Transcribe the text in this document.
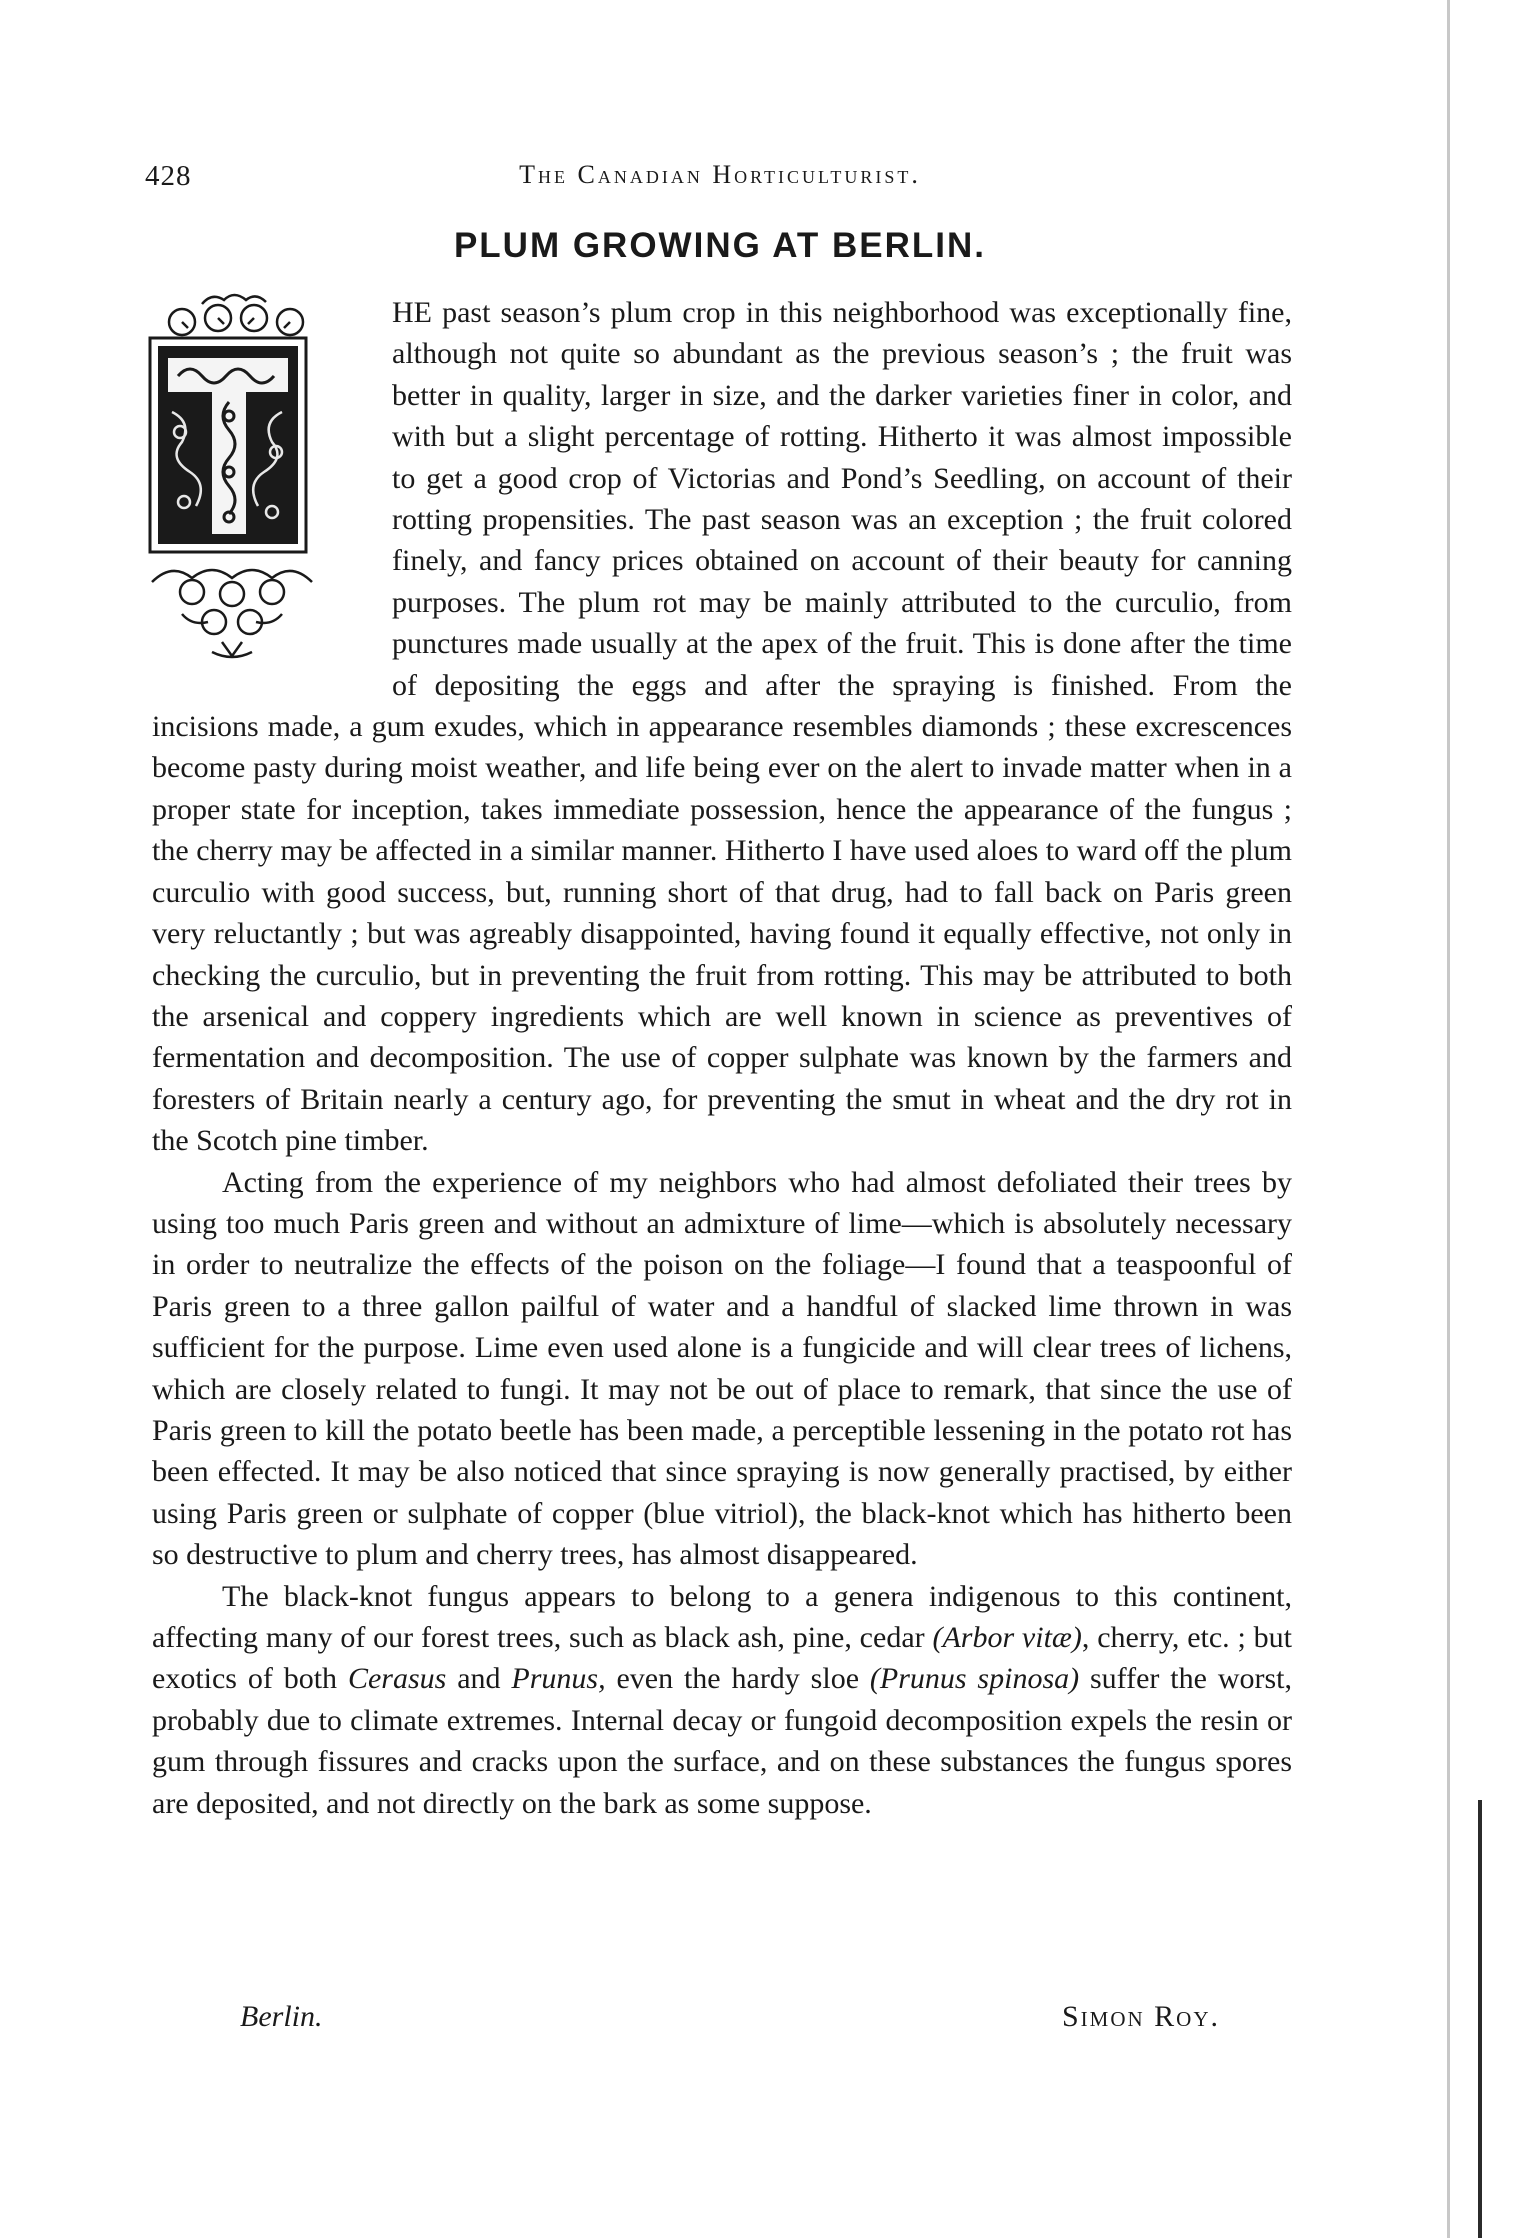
428	The Canadian Horticulturist.
PLUM GROWING AT BERLIN.

HE past season’s plum crop in this neighborhood was exceptionally fine, although not quite so abundant as the previous season’s ; the fruit was better in quality, larger in size, and the darker varieties finer in color, and with but a slight percentage of rotting. Hitherto it was almost impossible to get a good crop of Victorias and Pond’s Seedling, on account of their rotting propensities. The past season was an exception ; the fruit colored finely, and fancy prices obtained on account of their beauty for canning purposes. The plum rot may be mainly attributed to the curculio, from punctures made usually at the apex of the fruit. This is done after the time of depositing the eggs and after the spraying is finished. From the incisions made, a gum exudes, which in appearance resembles diamonds ; these excrescences become pasty during moist weather, and life being ever on the alert to invade matter when in a proper state for inception, takes immediate possession, hence the appearance of the fungus ; the cherry may be affected in a similar manner. Hitherto I have used aloes to ward off the plum curculio with good success, but, running short of that drug, had to fall back on Paris green very reluctantly ; but was agreably disappointed, having found it equally effective, not only in checking the curculio, but in preventing the fruit from rotting. This may be attributed to both the arsenical and coppery ingredients which are well known in science as preventives of fermentation and decomposition. The use of copper sulphate was known by the farmers and foresters of Britain nearly a century ago, for preventing the smut in wheat and the dry rot in the Scotch pine timber.

Acting from the experience of my neighbors who had almost defoliated their trees by using too much Paris green and without an admixture of lime—which is absolutely necessary in order to neutralize the effects of the poison on the foliage—I found that a teaspoonful of Paris green to a three gallon pailful of water and a handful of slacked lime thrown in was sufficient for the purpose. Lime even used alone is a fungicide and will clear trees of lichens, which are closely related to fungi. It may not be out of place to remark, that since the use of Paris green to kill the potato beetle has been made, a perceptible lessening in the potato rot has been effected. It may be also noticed that since spraying is now generally practised, by either using Paris green or sulphate of copper (blue vitriol), the black-knot which has hitherto been so destructive to plum and cherry trees, has almost disappeared.

The black-knot fungus appears to belong to a genera indigenous to this continent, affecting many of our forest trees, such as black ash, pine, cedar (Arbor vitæ), cherry, etc. ; but exotics of both Cerasus and Prunus, even the hardy sloe (Prunus spinosa) suffer the worst, probably due to climate extremes. Internal decay or fungoid decomposition expels the resin or gum through fissures and cracks upon the surface, and on these substances the fungus spores are deposited, and not directly on the bark as some suppose.

Berlin.	Simon Roy.
